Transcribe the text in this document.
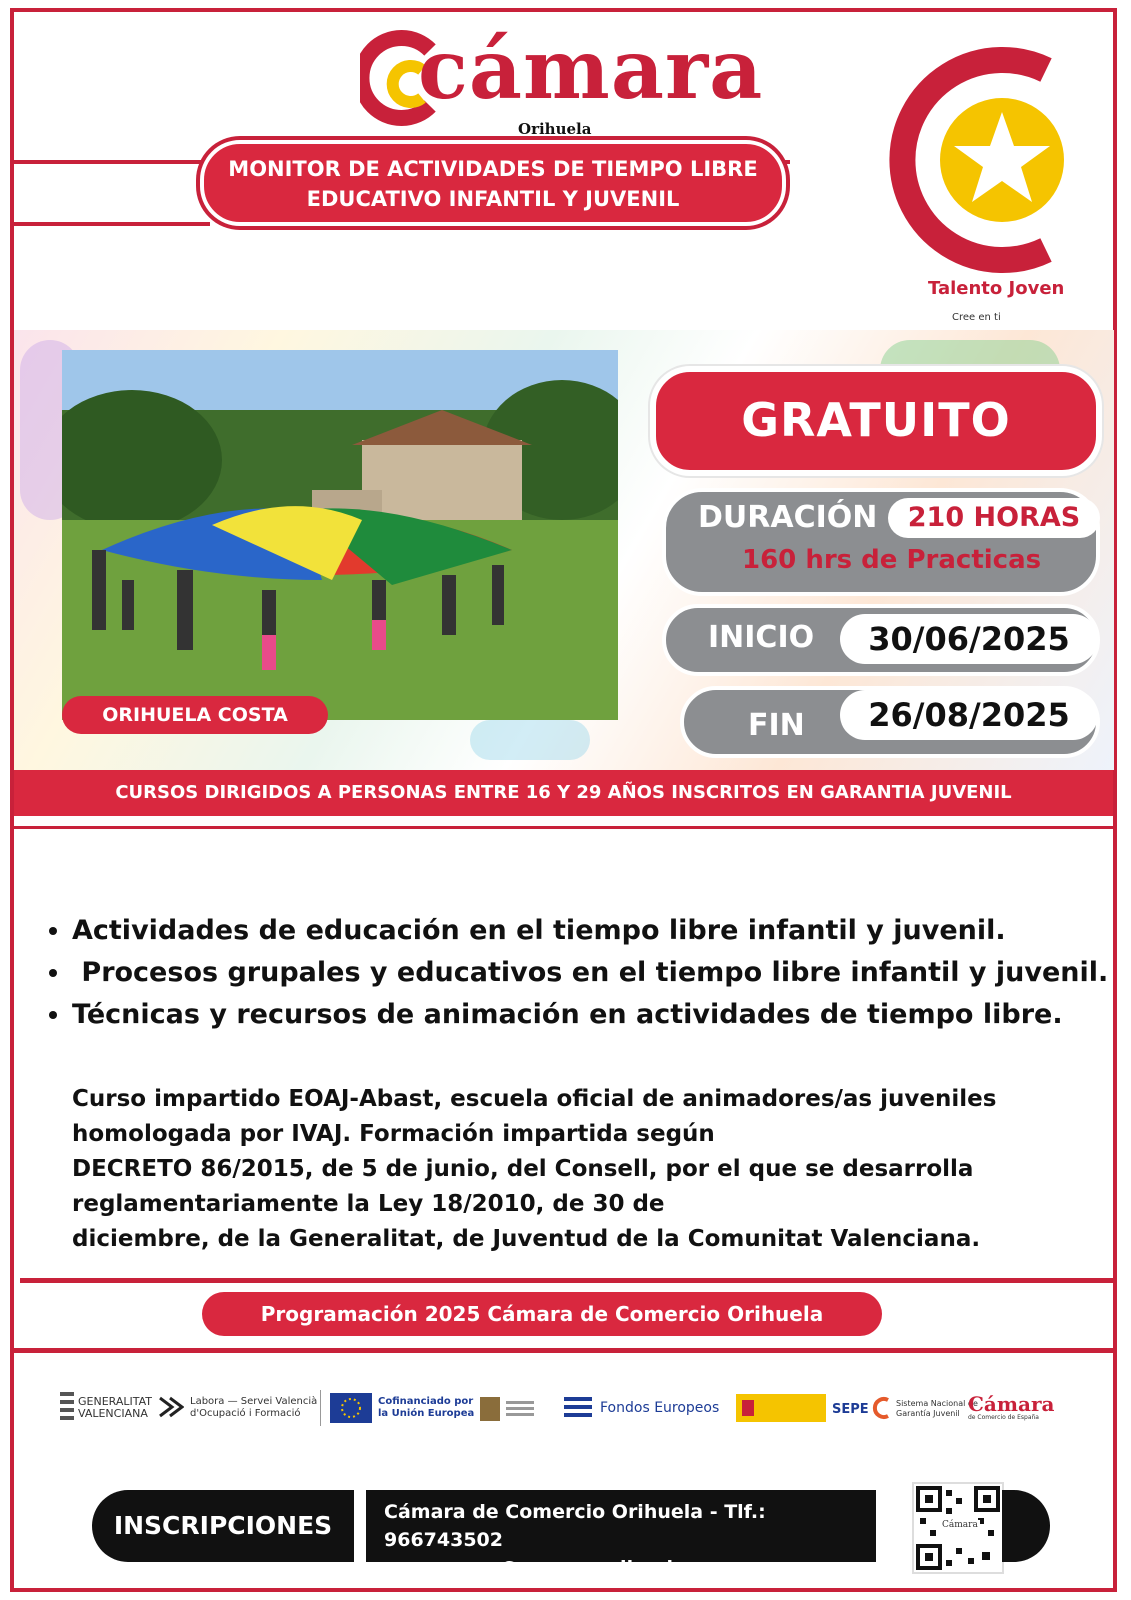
cámara
Orihuela
MONITOR DE ACTIVIDADES DE TIEMPO LIBRE
EDUCATIVO INFANTIL Y JUVENIL
Talento Joven
Cree en ti
ORIHUELA COSTA
GRATUITO
DURACIÓN	210 HORAS
160 hrs de Practicas
INICIO	30/06/2025
FIN	26/08/2025
CURSOS DIRIGIDOS A PERSONAS ENTRE 16 Y 29 AÑOS INSCRITOS EN GARANTIA JUVENIL
• Actividades de educación en el tiempo libre infantil y juvenil.
•  Procesos grupales y educativos en el tiempo libre infantil y juvenil.
• Técnicas y recursos de animación en actividades de tiempo libre.
Curso impartido EOAJ-Abast, escuela oficial de animadores/as juveniles
homologada por IVAJ. Formación impartida según
DECRETO 86/2015, de 5 de junio, del Consell, por el que se desarrolla
reglamentariamente la Ley 18/2010, de 30 de
diciembre, de la Generalitat, de Juventud de la Comunitat Valenciana.
Programación 2025 Cámara de Comercio Orihuela
GENERALITAT
VALENCIANA
Labora — Servei Valencià
d'Ocupació i Formació
Cofinanciado por
la Unión Europea	Fondos Europeos	SEPE	Sistema Nacional de
Garantía Juvenil Cámara
de Comercio de España
INSCRIPCIONES	Cámara de Comercio Orihuela - Tlf.: 966743502
programas@camaraorihuela.org
Cámara
